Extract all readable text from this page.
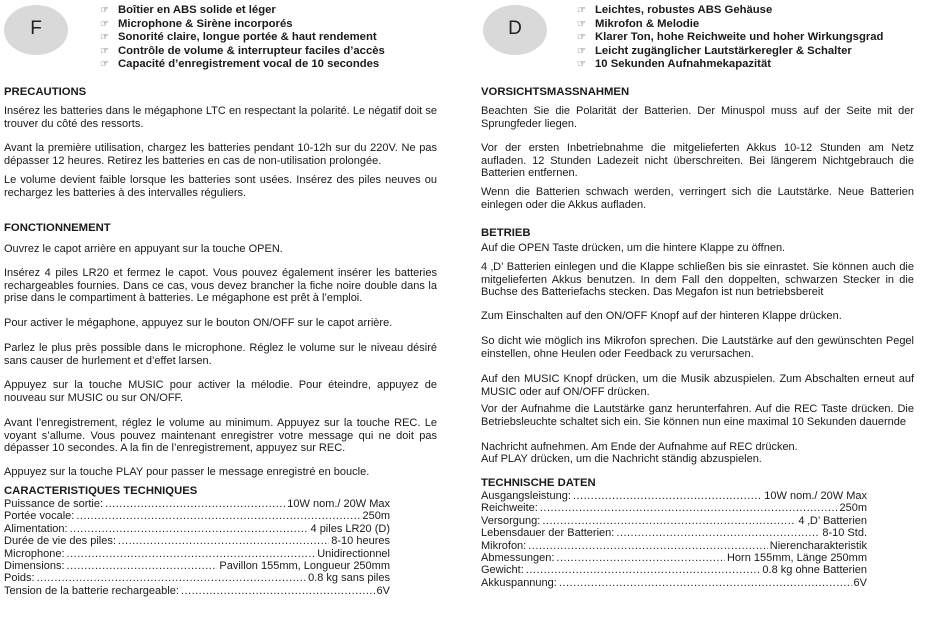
F
☞ Boîtier en ABS solide et léger
☞ Microphone & Sirène incorporés
☞ Sonorité claire, longue portée & haut rendement
☞ Contrôle de volume & interrupteur faciles d’accès
☞ Capacité d’enregistrement vocal de 10 secondes
PRECAUTIONS

Insérez les batteries dans le mégaphone LTC en respectant la polarité. Le négatif doit se trouver du côté des ressorts.

Avant la première utilisation, chargez les batteries pendant 10-12h sur du 220V. Ne pas dépasser 12 heures. Retirez les batteries en cas de non-utilisation prolongée.

Le volume devient faible lorsque les batteries sont usées. Insérez des piles neuves ou rechargez les batteries à des intervalles réguliers.

FONCTIONNEMENT

Ouvrez le capot arrière en appuyant sur la touche OPEN.

Insérez 4 piles LR20 et fermez le capot. Vous pouvez également insérer les batteries rechargeables fournies. Dans ce cas, vous devez brancher la fiche noire double dans la prise dans le compartiment à batteries. Le mégaphone est prêt à l’emploi.

Pour activer le mégaphone, appuyez sur le bouton ON/OFF sur le capot arrière.

Parlez le plus près possible dans le microphone. Réglez le volume sur le niveau désiré sans causer de hurlement et d’effet larsen.

Appuyez sur la touche MUSIC pour activer la mélodie. Pour éteindre, appuyez de nouveau sur MUSIC ou sur ON/OFF.

Avant l’enregistrement, réglez le volume au minimum. Appuyez sur la touche REC. Le voyant s’allume. Vous pouvez maintenant enregistrer votre message qui ne doit pas dépasser 10 secondes. A la fin de l’enregistrement, appuyez sur REC.

Appuyez sur la touche PLAY pour passer le message enregistré en boucle.

CARACTERISTIQUES TECHNIQUES
Puissance de sortie: .....	10W nom./ 20W Max
Portée vocale: .....	250m
Alimentation: .....	4 piles LR20 (D)
Durée de vie des piles: .....	8-10 heures
Microphone: .....	Unidirectionnel
Dimensions: .....	Pavillon 155mm, Longueur 250mm
Poids: .....	0.8 kg sans piles
Tension de la batterie rechargeable: .....	6V
D
☞ Leichtes, robustes ABS Gehäuse
☞ Mikrofon & Melodie
☞ Klarer Ton, hohe Reichweite und hoher Wirkungsgrad
☞ Leicht zugänglicher Lautstärkeregler & Schalter
☞ 10 Sekunden Aufnahmekapazität
VORSICHTSMASSNAHMEN

Beachten Sie die Polarität der Batterien. Der Minuspol muss auf der Seite mit der Sprungfeder liegen.

Vor der ersten Inbetriebnahme die mitgelieferten Akkus 10-12 Stunden am Netz aufladen. 12 Stunden Ladezeit nicht überschreiten. Bei längerem Nichtgebrauch die Batterien entfernen.

Wenn die Batterien schwach werden, verringert sich die Lautstärke. Neue Batterien einlegen oder die Akkus aufladen.

BETRIEB

Auf die OPEN Taste drücken, um die hintere Klappe zu öffnen.

4 ‚D’ Batterien einlegen und die Klappe schließen bis sie einrastet. Sie können auch die mitgelieferten Akkus benutzen. In dem Fall den doppelten, schwarzen Stecker in die Buchse des Batteriefachs stecken. Das Megafon ist nun betriebsbereit

Zum Einschalten auf den ON/OFF Knopf auf der hinteren Klappe drücken.

So dicht wie möglich ins Mikrofon sprechen. Die Lautstärke auf den gewünschten Pegel einstellen, ohne Heulen oder Feedback zu verursachen.

Auf den MUSIC Knopf drücken, um die Musik abzuspielen. Zum Abschalten erneut auf MUSIC oder auf ON/OFF drücken.

Vor der Aufnahme die Lautstärke ganz herunterfahren. Auf die REC Taste drücken. Die Betriebsleuchte schaltet sich ein. Sie können nun eine maximal 10 Sekunden dauernde

Nachricht aufnehmen. Am Ende der Aufnahme auf REC drücken.

Auf PLAY drücken, um die Nachricht ständig abzuspielen.

TECHNISCHE DATEN
Ausgangsleistung: .....	10W nom./ 20W Max
Reichweite: .....	250m
Versorgung: .....	4 ‚D’ Batterien
Lebensdauer der Batterien: .....	8-10 Std.
Mikrofon: .....	Nierencharakteristik
Abmessungen: .....	Horn 155mm, Länge 250mm
Gewicht: .....	0.8 kg ohne Batterien
Akkuspannung: .....	6V
